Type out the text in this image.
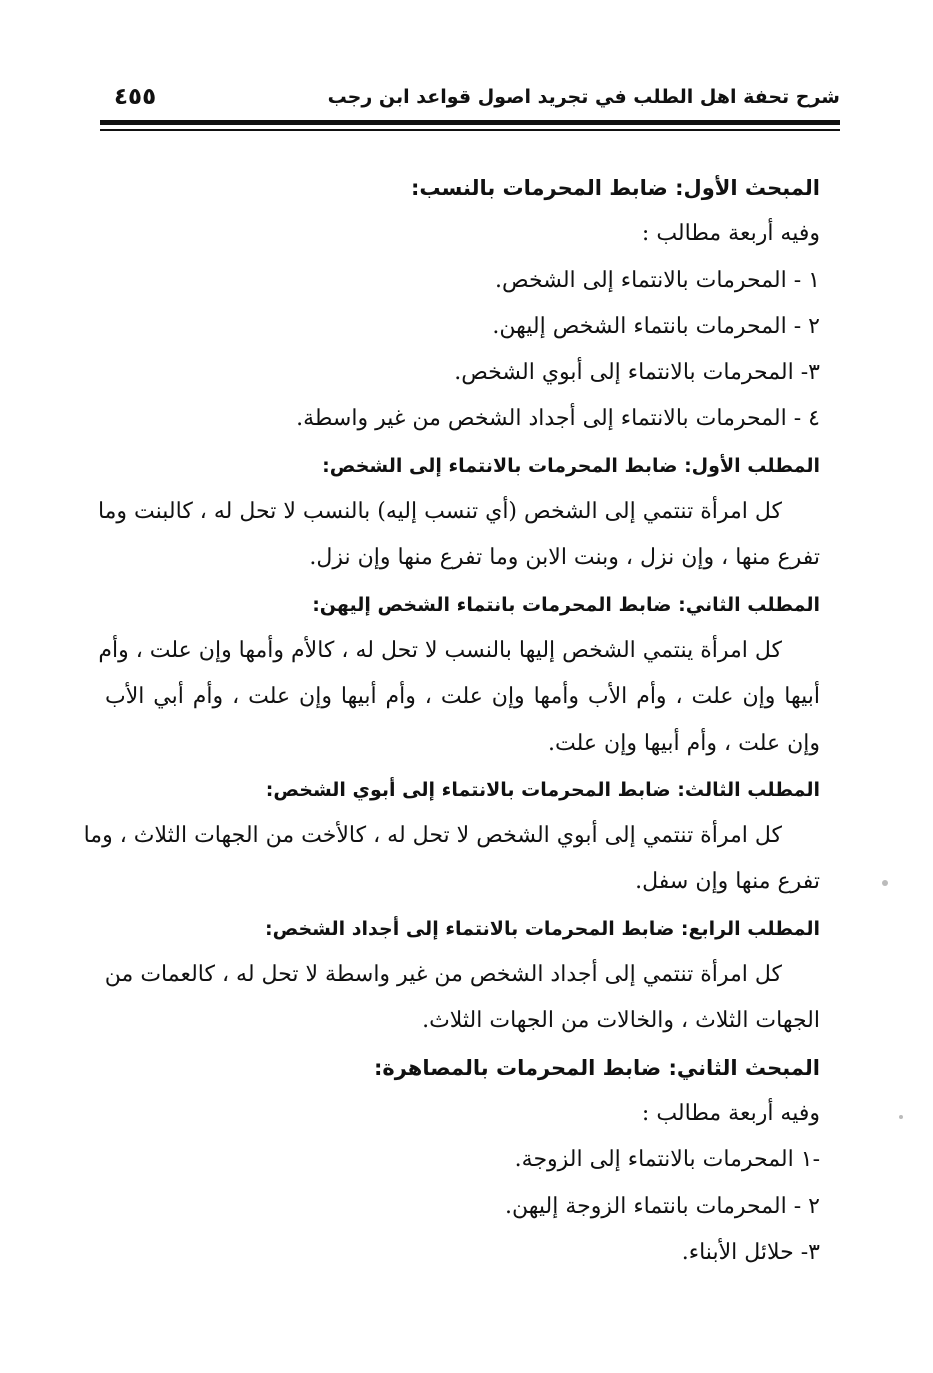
شرح تحفة اهل الطلب في تجريد اصول قواعد ابن رجب
٤٥٥
المبحث الأول: ضابط المحرمات بالنسب:
وفيه أربعة مطالب :
١ - المحرمات بالانتماء إلى الشخص.
٢ - المحرمات بانتماء الشخص إليهن.
٣- المحرمات بالانتماء إلى أبوي الشخص.
٤ - المحرمات بالانتماء إلى أجداد الشخص من غير واسطة.
المطلب الأول: ضابط المحرمات بالانتماء إلى الشخص:
كل امرأة تنتمي إلى الشخص (أي تنسب إليه) بالنسب لا تحل له ، كالبنت وما
تفرع منها ، وإن نزل ، وبنت الابن وما تفرع منها وإن نزل.
المطلب الثاني: ضابط المحرمات بانتماء الشخص إليهن:
كل امرأة ينتمي الشخص إليها بالنسب لا تحل له ، كالأم وأمها وإن علت ، وأم
أبيها وإن علت ، وأم الأب وأمها وإن علت ، وأم أبيها وإن علت ، وأم أبي الأب
وإن علت ، وأم أبيها وإن علت.
المطلب الثالث: ضابط المحرمات بالانتماء إلى أبوي الشخص:
كل امرأة تنتمي إلى أبوي الشخص لا تحل له ، كالأخت من الجهات الثلاث ، وما
تفرع منها وإن سفل.
المطلب الرابع: ضابط المحرمات بالانتماء إلى أجداد الشخص:
كل امرأة تنتمي إلى أجداد الشخص من غير واسطة لا تحل له ، كالعمات من
الجهات الثلاث ، والخالات من الجهات الثلاث.
المبحث الثاني: ضابط المحرمات بالمصاهرة:
وفيه أربعة مطالب :
-١ المحرمات بالانتماء إلى الزوجة.
٢ - المحرمات بانتماء الزوجة إليهن.
٣- حلائل الأبناء.
